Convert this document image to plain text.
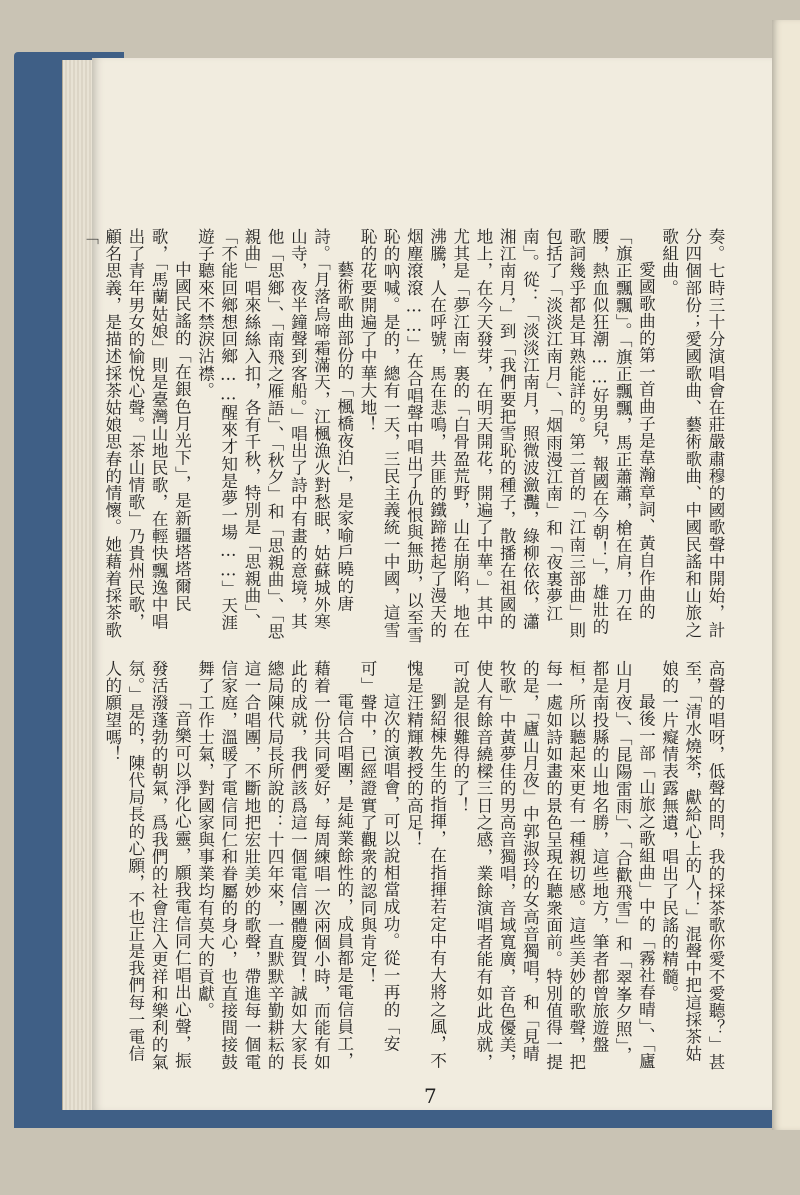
奏。七時三十分演唱會在莊嚴肅穆的國歌聲中開始，計分四個部份；愛國歌曲、藝術歌曲、中國民謠和山旅之歌組曲。

愛國歌曲的第一首曲子是韋瀚章詞、黃自作曲的「旗正飄飄」。「旗正飄飄，馬正蕭蕭，槍在肩，刀在腰，熱血似狂潮……好男兒，報國在今朝！」，雄壯的歌詞幾乎都是耳熟能詳的。第二首的「江南三部曲」則包括了「淡淡江南月」、「烟雨漫江南」和「夜裏夢江南」。從：「淡淡江南月，照微波瀲灩，綠柳依依，瀟湘江南月，」到「我們要把雪恥的種子，散播在祖國的地上，在今天發芽，在明天開花，開遍了中華。」其中尤其是「夢江南」裏的「白骨盈荒野，山在崩陷，地在沸騰，人在呼號，馬在悲鳴，共匪的鐵蹄捲起了漫天的烟塵滾滾……」在合唱聲中唱出了仇恨與無助，以至雪恥的吶喊。是的，總有一天，三民主義統一中國，這雪恥的花要開遍了中華大地！

藝術歌曲部份的「楓橋夜泊」，是家喻戶曉的唐詩。「月落烏啼霜滿天，江楓漁火對愁眠，姑蘇城外寒山寺，夜半鐘聲到客船。」唱出了詩中有畫的意境，其他「思鄉」、「南飛之雁語」、「秋夕」和「思親曲」、「思親曲」唱來絲絲入扣，各有千秋，特別是「思親曲」、「不能回鄉想回鄉……醒來才知是夢一場……」天涯遊子聽來不禁淚沾襟。

中國民謠的「在銀色月光下」，是新疆塔塔爾民歌，「馬蘭姑娘」則是臺灣山地民歌，在輕快飄逸中唱出了青年男女的愉悅心聲。「茶山情歌」乃貴州民歌，顧名思義，是描述採茶姑娘思春的情懷。她藉着採茶歌「

高聲的唱呀，低聲的問，我的採茶歌你愛不愛聽？」甚至，「清水燒茶，獻給心上的人！」混聲中把這採茶姑娘的一片癡情表露無遺，唱出了民謠的精髓。

最後一部「山旅之歌組曲」中的「霧社春晴」、「廬山月夜」、「昆陽雷雨」、「合歡飛雪」和「翠峯夕照」，都是南投縣的山地名勝，這些地方，筆者都曾旅遊盤桓，所以聽起來更有一種親切感。這些美妙的歌聲，把每一處如詩如畫的景色呈現在聽衆面前。特別值得一提的是，「廬山月夜」中郭淑玲的女高音獨唱，和「見晴牧歌」中黃夢佳的男高音獨唱，音域寬廣，音色優美，使人有餘音繞樑三日之感，業餘演唱者能有如此成就，可說是很難得的了！

劉紹棟先生的指揮，在指揮若定中有大將之風，不愧是汪精輝教授的高足！

這次的演唱會，可以說相當成功。從一再的「安可」聲中，已經證實了觀衆的認同與肯定！

電信合唱團，是純業餘性的，成員都是電信員工，藉着一份共同愛好，每周練唱一次兩個小時，而能有如此的成就，我們該爲這一個電信團體慶賀！誠如大家長總局陳代局長所說的：十四年來，一直默默辛勤耕耘的這一合唱團，不斷地把宏壯美妙的歌聲，帶進每一個電信家庭，溫暖了電信同仁和眷屬的身心，也直接間接鼓舞了工作士氣，對國家與事業均有莫大的貢獻。

「音樂可以淨化心靈，願我電信同仁唱出心聲，振發活潑蓬勃的朝氣，爲我們的社會注入更祥和樂利的氣氛。」是的，陳代局長的心願，不也正是我們每一電信人的願望嗎！

7
